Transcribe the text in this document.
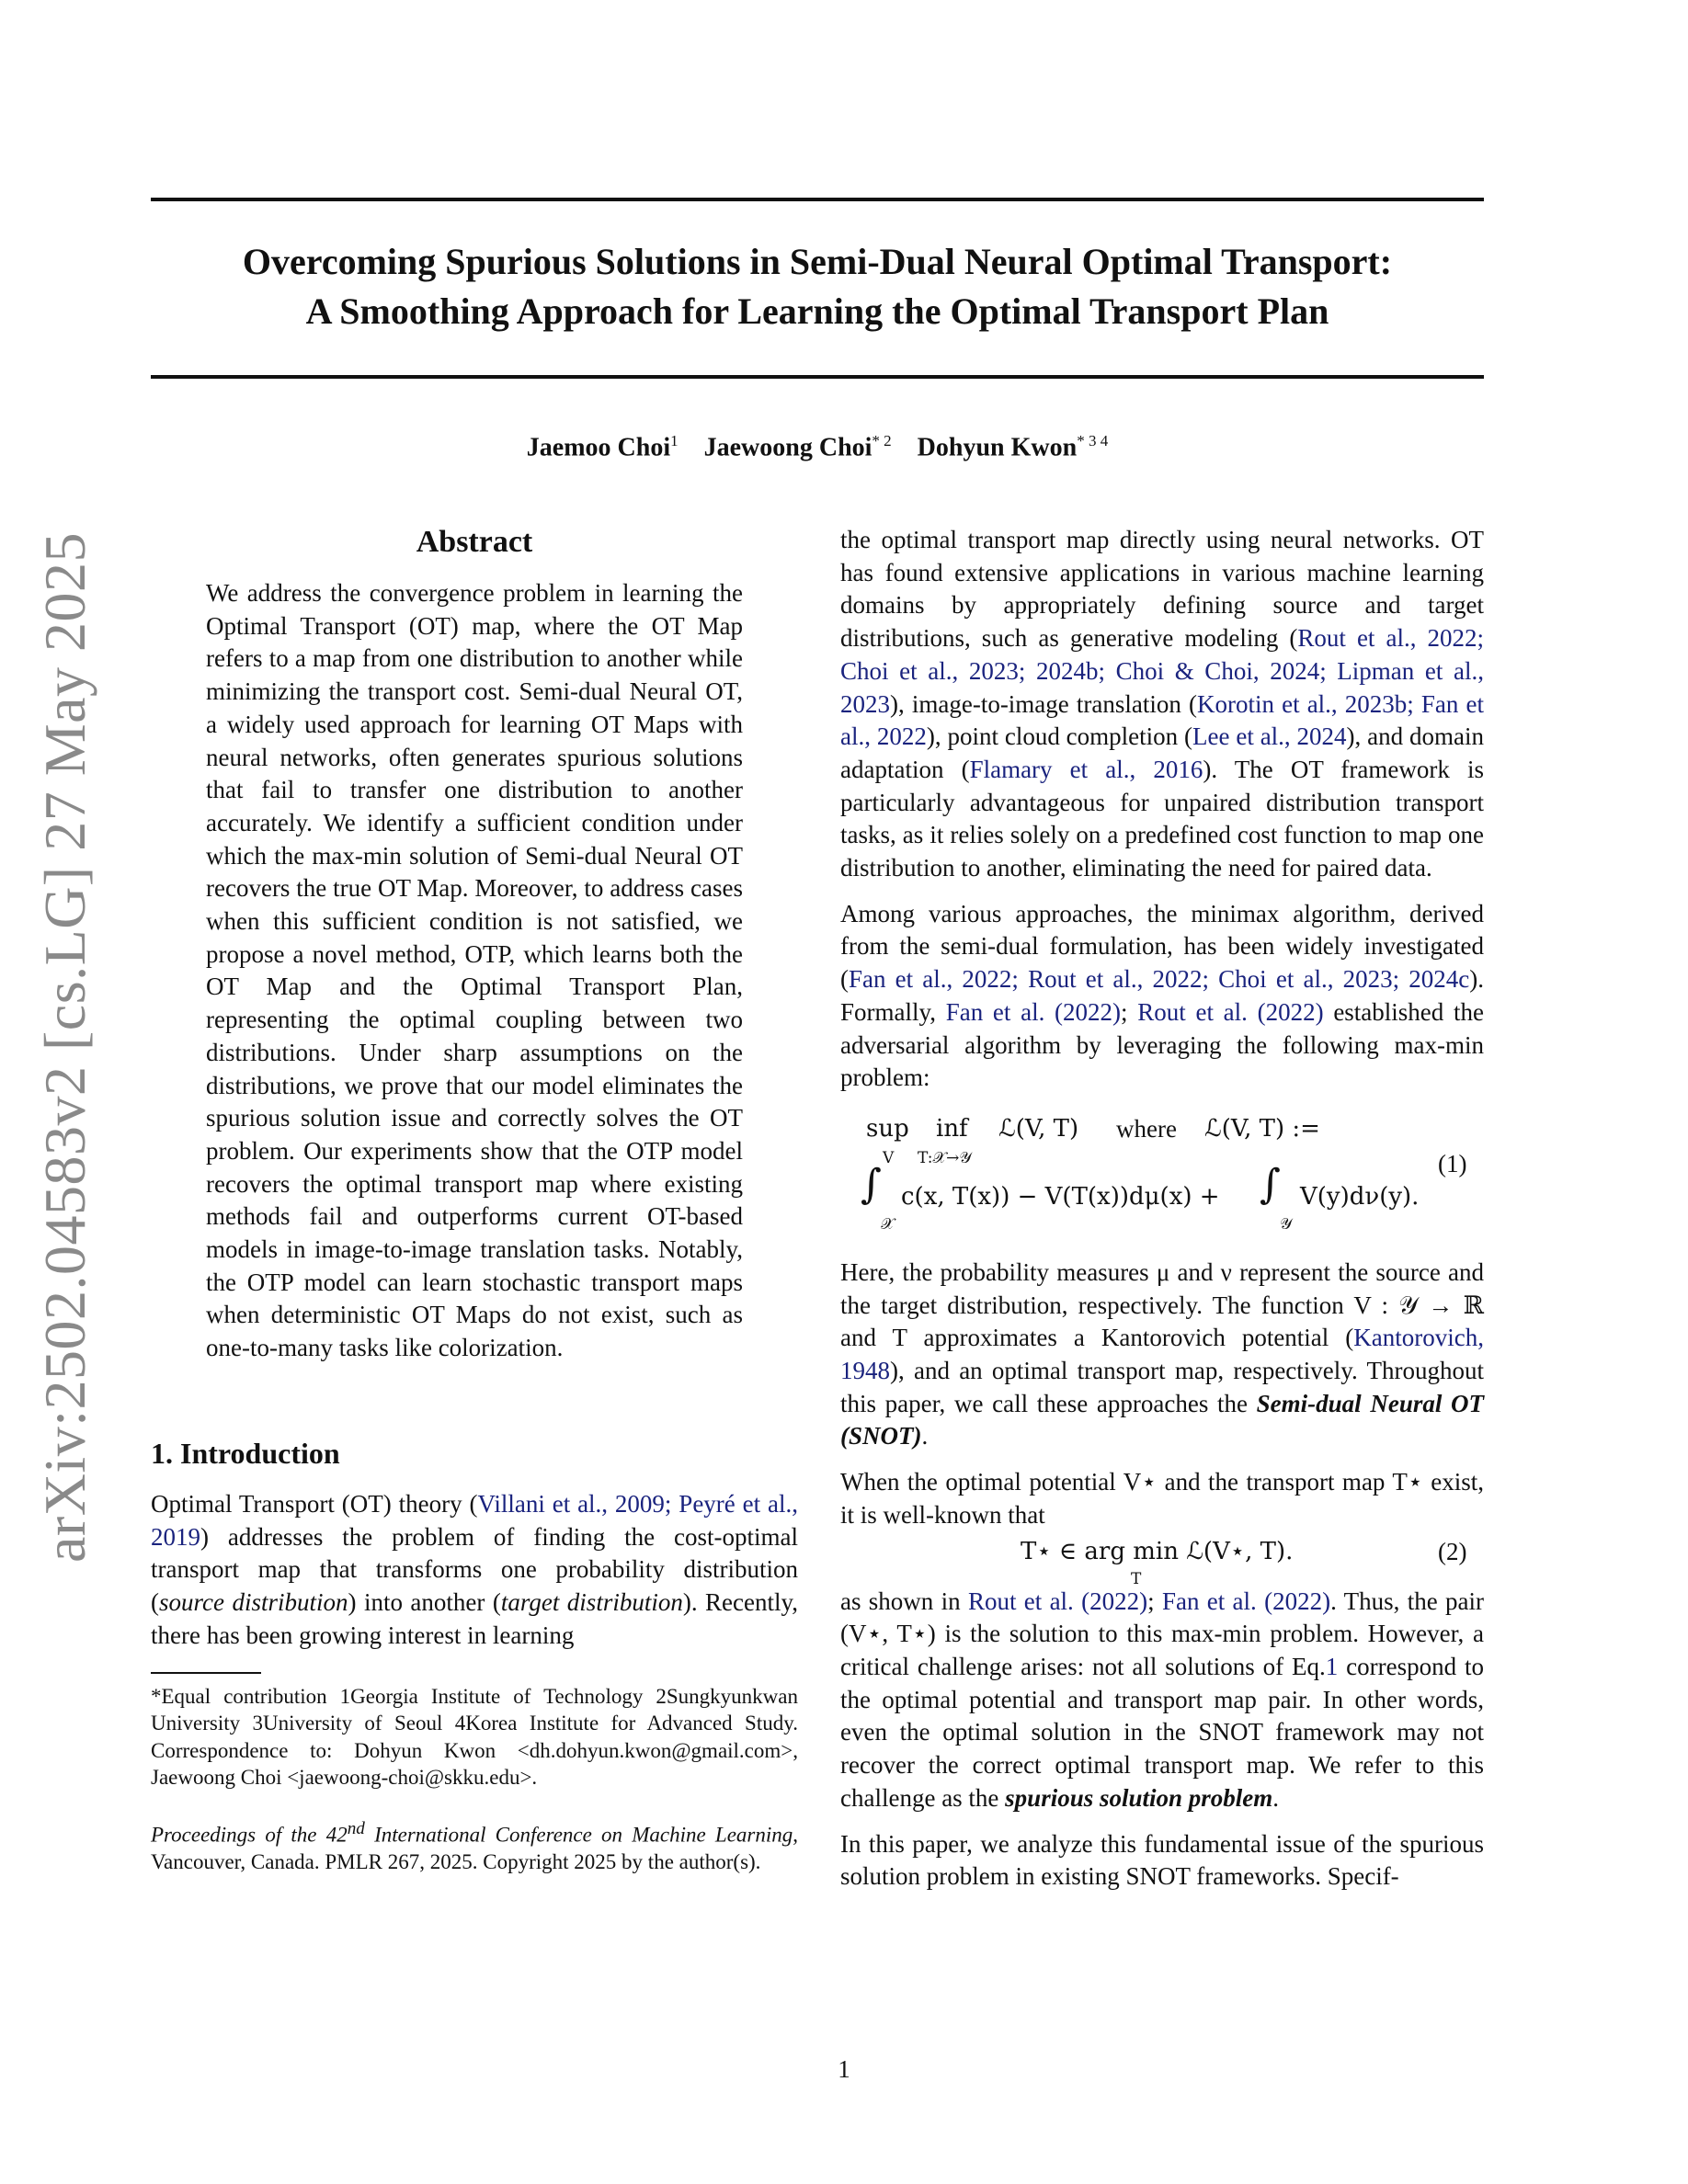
arXiv:2502.04583v2 [cs.LG] 27 May 2025
Overcoming Spurious Solutions in Semi-Dual Neural Optimal Transport:
A Smoothing Approach for Learning the Optimal Transport Plan
Jaemoo Choi$^1$ Jaewoong Choi$^{* 2}$ Dohyun Kwon$^{* 3 4}$
Abstract
We address the convergence problem in learning the Optimal Transport (OT) map, where the OT Map refers to a map from one distribution to another while minimizing the transport cost. Semi-dual Neural OT, a widely used approach for learning OT Maps with neural networks, often generates spurious solutions that fail to transfer one distribution to another accurately. We identify a sufficient condition under which the max-min solution of Semi-dual Neural OT recovers the true OT Map. Moreover, to address cases when this sufficient condition is not satisfied, we propose a novel method, OTP, which learns both the OT Map and the Optimal Transport Plan, representing the optimal coupling between two distributions. Under sharp assumptions on the distributions, we prove that our model eliminates the spurious solution issue and correctly solves the OT problem. Our experiments show that the OTP model recovers the optimal transport map where existing methods fail and outperforms current OT-based models in image-to-image translation tasks. Notably, the OTP model can learn stochastic transport maps when deterministic OT Maps do not exist, such as one-to-many tasks like colorization.
1. Introduction

Optimal Transport (OT) theory (Villani et al., 2009; Peyré et al., 2019) addresses the problem of finding the cost-optimal transport map that transforms one probability distribution (source distribution) into another (target distribution). Recently, there has been growing interest in learning

*Equal contribution 1Georgia Institute of Technology 2Sungkyunkwan University 3University of Seoul 4Korea Institute for Advanced Study. Correspondence to: Dohyun Kwon <dh.dohyun.kwon@gmail.com>, Jaewoong Choi <jaewoong-choi@skku.edu>.
Proceedings of the 42nd International Conference on Machine Learning, Vancouver, Canada. PMLR 267, 2025. Copyright 2025 by the author(s).

the optimal transport map directly using neural networks. OT has found extensive applications in various machine learning domains by appropriately defining source and target distributions, such as generative modeling (Rout et al., 2022; Choi et al., 2023; 2024b; Choi & Choi, 2024; Lipman et al., 2023), image-to-image translation (Korotin et al., 2023b; Fan et al., 2022), point cloud completion (Lee et al., 2024), and domain adaptation (Flamary et al., 2016). The OT framework is particularly advantageous for unpaired distribution transport tasks, as it relies solely on a predefined cost function to map one distribution to another, eliminating the need for paired data.

Among various approaches, the minimax algorithm, derived from the semi-dual formulation, has been widely investigated (Fan et al., 2022; Rout et al., 2022; Choi et al., 2023; 2024c). Formally, Fan et al. (2022); Rout et al. (2022) established the adversarial algorithm by leveraging the following max-min problem:

sup
V
inf
T:𝒳→𝒴
ℒ(V, T) where ℒ(V, T) :=
∫
𝒳
c(x, T(x)) − V(T(x))dμ(x) + ∫
𝒴
V(y)dν(y).
(1)

Here, the probability measures μ and ν represent the source and the target distribution, respectively. The function V : 𝒴 → ℝ and T approximates a Kantorovich potential (Kantorovich, 1948), and an optimal transport map, respectively. Throughout this paper, we call these approaches the Semi-dual Neural OT (SNOT).

When the optimal potential V⋆ and the transport map T⋆ exist, it is well-known that

T⋆ ∈ arg min ℒ(V⋆, T).
T
(2)

as shown in Rout et al. (2022); Fan et al. (2022). Thus, the pair (V⋆, T⋆) is the solution to this max-min problem. However, a critical challenge arises: not all solutions of Eq.1 correspond to the optimal potential and transport map pair. In other words, even the optimal solution in the SNOT framework may not recover the correct optimal transport map. We refer to this challenge as the spurious solution problem.

In this paper, we analyze this fundamental issue of the spurious solution problem in existing SNOT frameworks. Specif-

1
